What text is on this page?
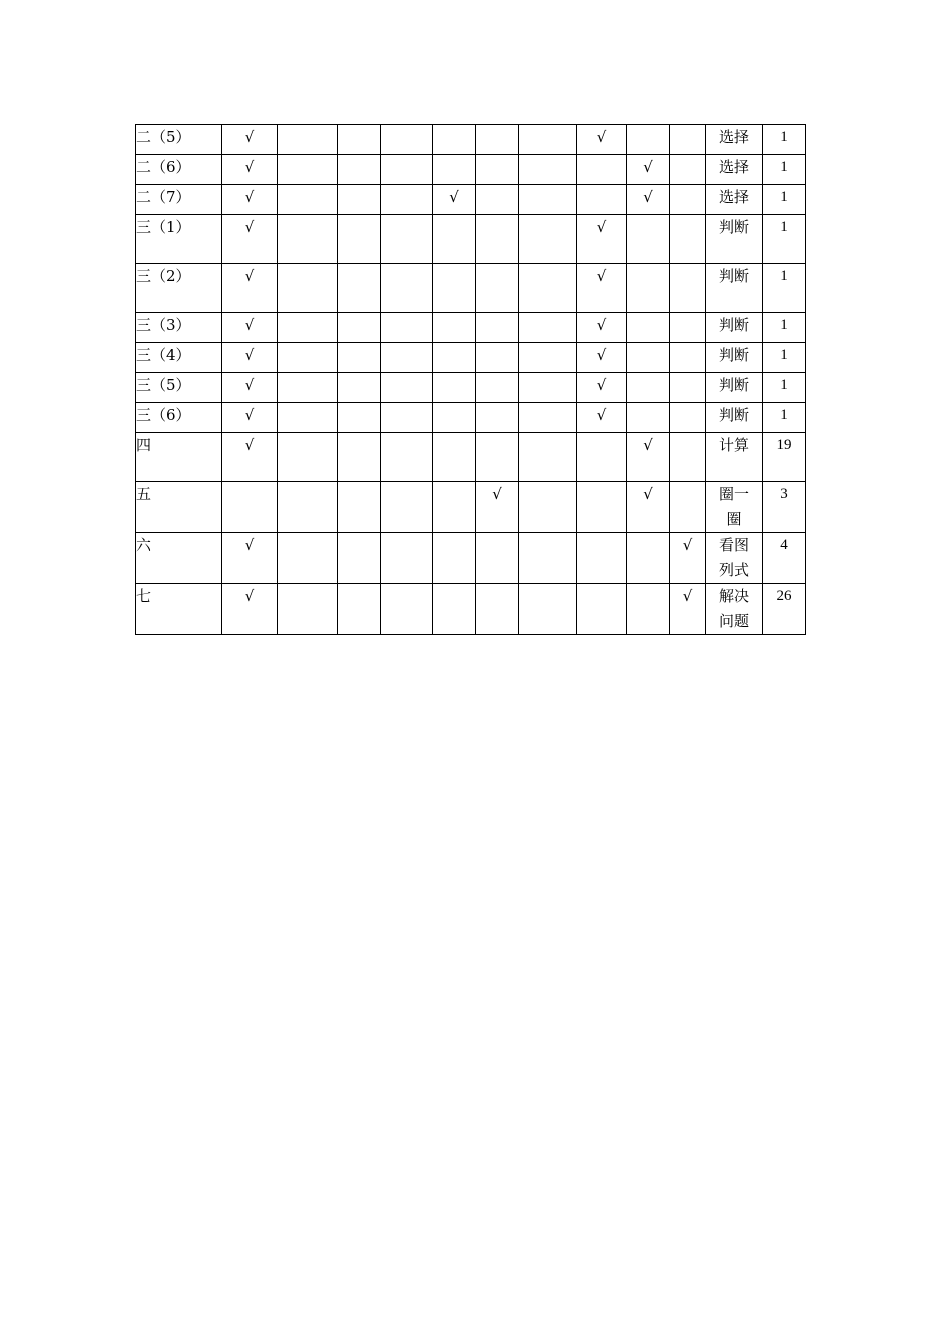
二（5）	√							√			选择	1
二（6）	√								√		选择	1
二（7）	√				√				√		选择	1
三（1）	√							√			判断	1
三（2）	√							√			判断	1
三（3）	√							√			判断	1
三（4）	√							√			判断	1
三（5）	√							√			判断	1
三（6）	√							√			判断	1
四	√								√		计算	19
五						√			√		圈一圈	3
六	√									√	看图列式	4
七	√									√	解决问题	26
